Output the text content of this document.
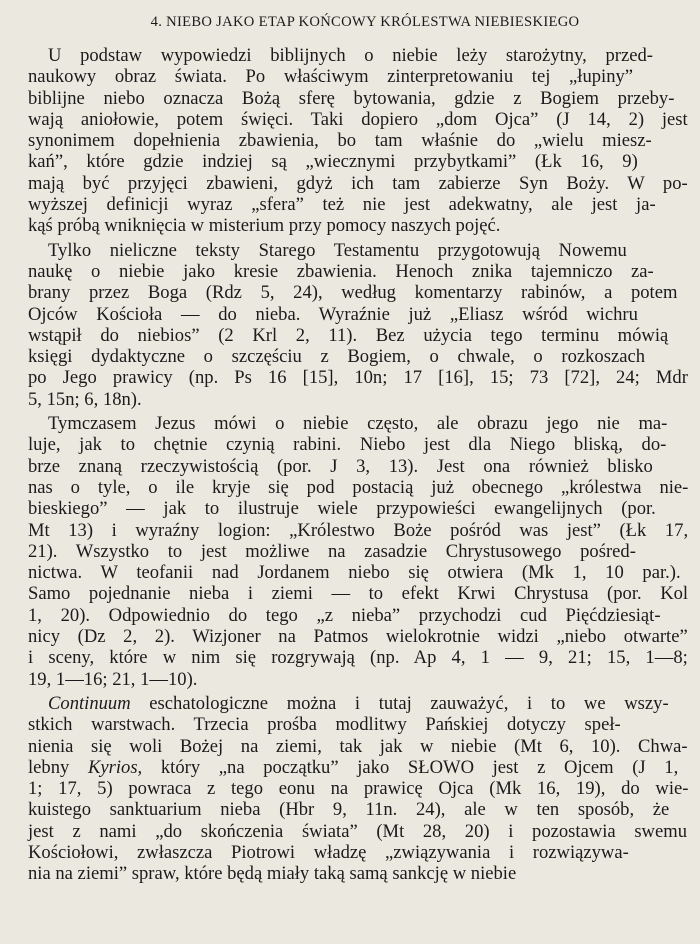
4. NIEBO JAKO ETAP KOŃCOWY KRÓLESTWA NIEBIESKIEGO

U podstaw wypowiedzi biblijnych o niebie leży starożytny, przed-
naukowy obraz świata. Po właściwym zinterpretowaniu tej „łupiny”
biblijne niebo oznacza Bożą sferę bytowania, gdzie z Bogiem przeby-
wają aniołowie, potem święci. Taki dopiero „dom Ojca” (J 14, 2) jest
synonimem dopełnienia zbawienia, bo tam właśnie do „wielu miesz-
kań”, które gdzie indziej są „wiecznymi przybytkami” (Łk 16, 9)
mają być przyjęci zbawieni, gdyż ich tam zabierze Syn Boży. W po-
wyższej definicji wyraz „sfera” też nie jest adekwatny, ale jest ja-
kąś próbą wniknięcia w misterium przy pomocy naszych pojęć.

Tylko nieliczne teksty Starego Testamentu przygotowują Nowemu
naukę o niebie jako kresie zbawienia. Henoch znika tajemniczo za-
brany przez Boga (Rdz 5, 24), według komentarzy rabinów, a potem
Ojców Kościoła — do nieba. Wyraźnie już „Eliasz wśród wichru
wstąpił do niebios” (2 Krl 2, 11). Bez użycia tego terminu mówią
księgi dydaktyczne o szczęściu z Bogiem, o chwale, o rozkoszach
po Jego prawicy (np. Ps 16 [15], 10n; 17 [16], 15; 73 [72], 24; Mdr
5, 15n; 6, 18n).

Tymczasem Jezus mówi o niebie często, ale obrazu jego nie ma-
luje, jak to chętnie czynią rabini. Niebo jest dla Niego bliską, do-
brze znaną rzeczywistością (por. J 3, 13). Jest ona również blisko
nas o tyle, o ile kryje się pod postacią już obecnego „królestwa nie-
bieskiego” — jak to ilustruje wiele przypowieści ewangelijnych (por.
Mt 13) i wyraźny logion: „Królestwo Boże pośród was jest” (Łk 17,
21). Wszystko to jest możliwe na zasadzie Chrystusowego pośred-
nictwa. W teofanii nad Jordanem niebo się otwiera (Mk 1, 10 par.).
Samo pojednanie nieba i ziemi — to efekt Krwi Chrystusa (por. Kol
1, 20). Odpowiednio do tego „z nieba” przychodzi cud Pięćdziesiąt-
nicy (Dz 2, 2). Wizjoner na Patmos wielokrotnie widzi „niebo otwarte”
i sceny, które w nim się rozgrywają (np. Ap 4, 1 — 9, 21; 15, 1—8;
19, 1—16; 21, 1—10).

Continuum eschatologiczne można i tutaj zauważyć, i to we wszy-
stkich warstwach. Trzecia prośba modlitwy Pańskiej dotyczy speł-
nienia się woli Bożej na ziemi, tak jak w niebie (Mt 6, 10). Chwa-
lebny Kyrios, który „na początku” jako SŁOWO jest z Ojcem (J 1,
1; 17, 5) powraca z tego eonu na prawicę Ojca (Mk 16, 19), do wie-
kuistego sanktuarium nieba (Hbr 9, 11n. 24), ale w ten sposób, że
jest z nami „do skończenia świata” (Mt 28, 20) i pozostawia swemu
Kościołowi, zwłaszcza Piotrowi władzę „związywania i rozwiązywa-
nia na ziemi” spraw, które będą miały taką samą sankcję w niebie
